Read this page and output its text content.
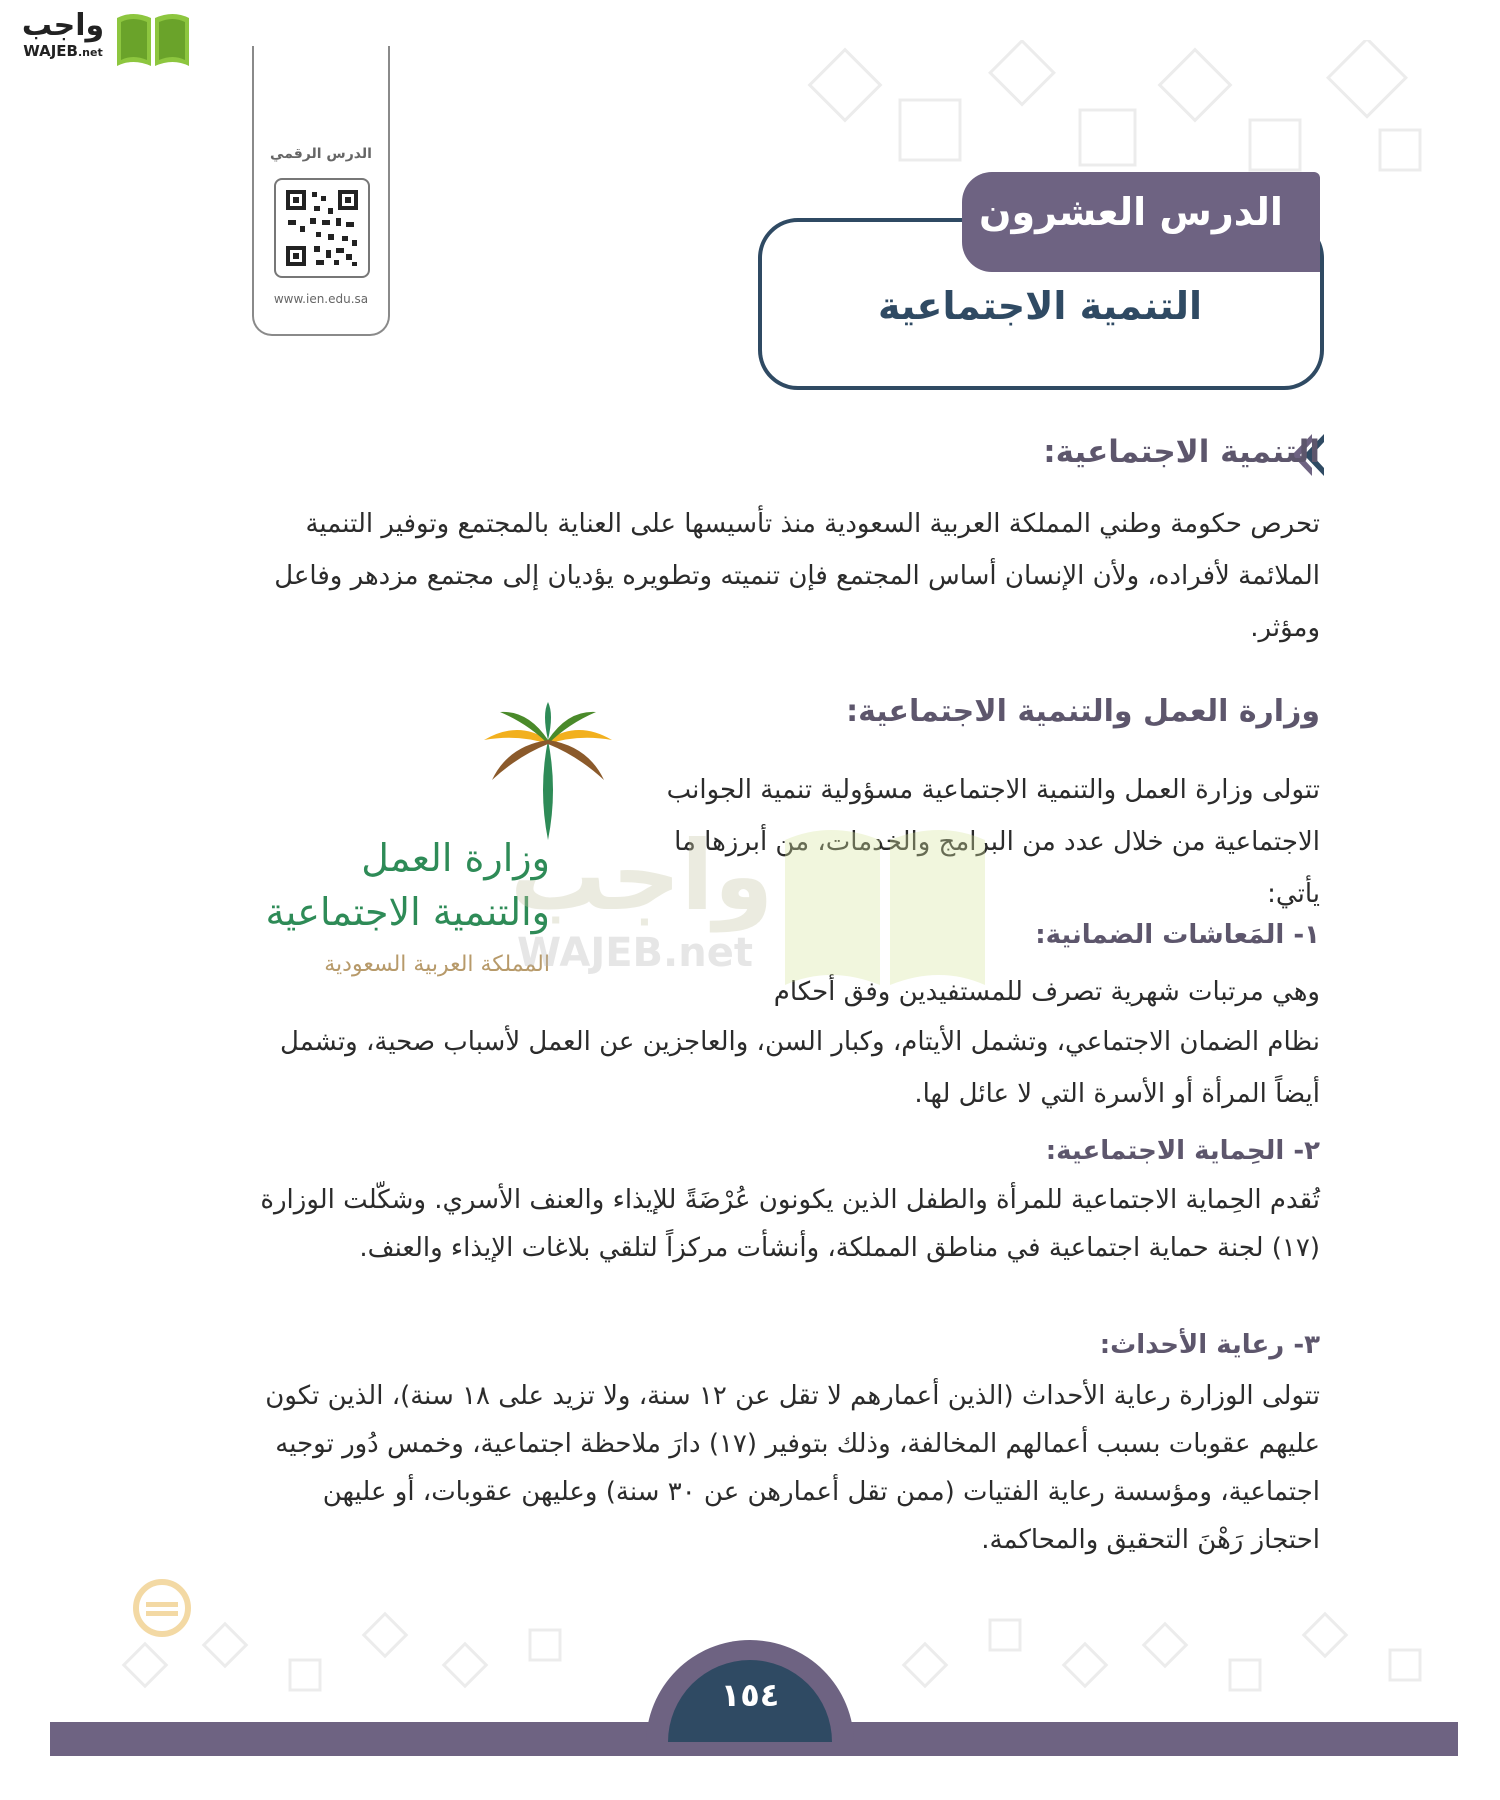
واجب
WAJEB.net
الدرس الرقمي
www.ien.edu.sa
الدرس العشرون
التنمية الاجتماعية
التنمية الاجتماعية:
تحرص حكومة وطني المملكة العربية السعودية منذ تأسيسها على العناية بالمجتمع وتوفير التنمية الملائمة لأفراده، ولأن الإنسان أساس المجتمع فإن تنميته وتطويره يؤديان إلى مجتمع مزدهر وفاعل ومؤثر.
وزارة العمل
والتنمية الاجتماعية
المملكة العربية السعودية
وزارة العمل والتنمية الاجتماعية:
تتولى وزارة العمل والتنمية الاجتماعية مسؤولية تنمية الجوانب الاجتماعية من خلال عدد من البرامج والخدمات، من أبرزها ما يأتي:
١- المَعاشات الضمانية:
وهي مرتبات شهرية تصرف للمستفيدين وفق أحكام
نظام الضمان الاجتماعي، وتشمل الأيتام، وكبار السن، والعاجزين عن العمل لأسباب صحية، وتشمل أيضاً المرأة أو الأسرة التي لا عائل لها.
٢- الحِماية الاجتماعية:
تُقدم الحِماية الاجتماعية للمرأة والطفل الذين يكونون عُرْضَةً للإيذاء والعنف الأسري. وشكّلت الوزارة (١٧) لجنة حماية اجتماعية في مناطق المملكة، وأنشأت مركزاً لتلقي بلاغات الإيذاء والعنف.
٣- رعاية الأحداث:
تتولى الوزارة رعاية الأحداث (الذين أعمارهم لا تقل عن ١٢ سنة، ولا تزيد على ١٨ سنة)، الذين تكون عليهم عقوبات بسبب أعمالهم المخالفة، وذلك بتوفير (١٧) دارَ ملاحظة اجتماعية، وخمس دُور توجيه اجتماعية، ومؤسسة رعاية الفتيات (ممن تقل أعمارهن عن ٣٠ سنة) وعليهن عقوبات، أو عليهن احتجاز رَهْنَ التحقيق والمحاكمة.
واجب
WAJEB.net
١٥٤
